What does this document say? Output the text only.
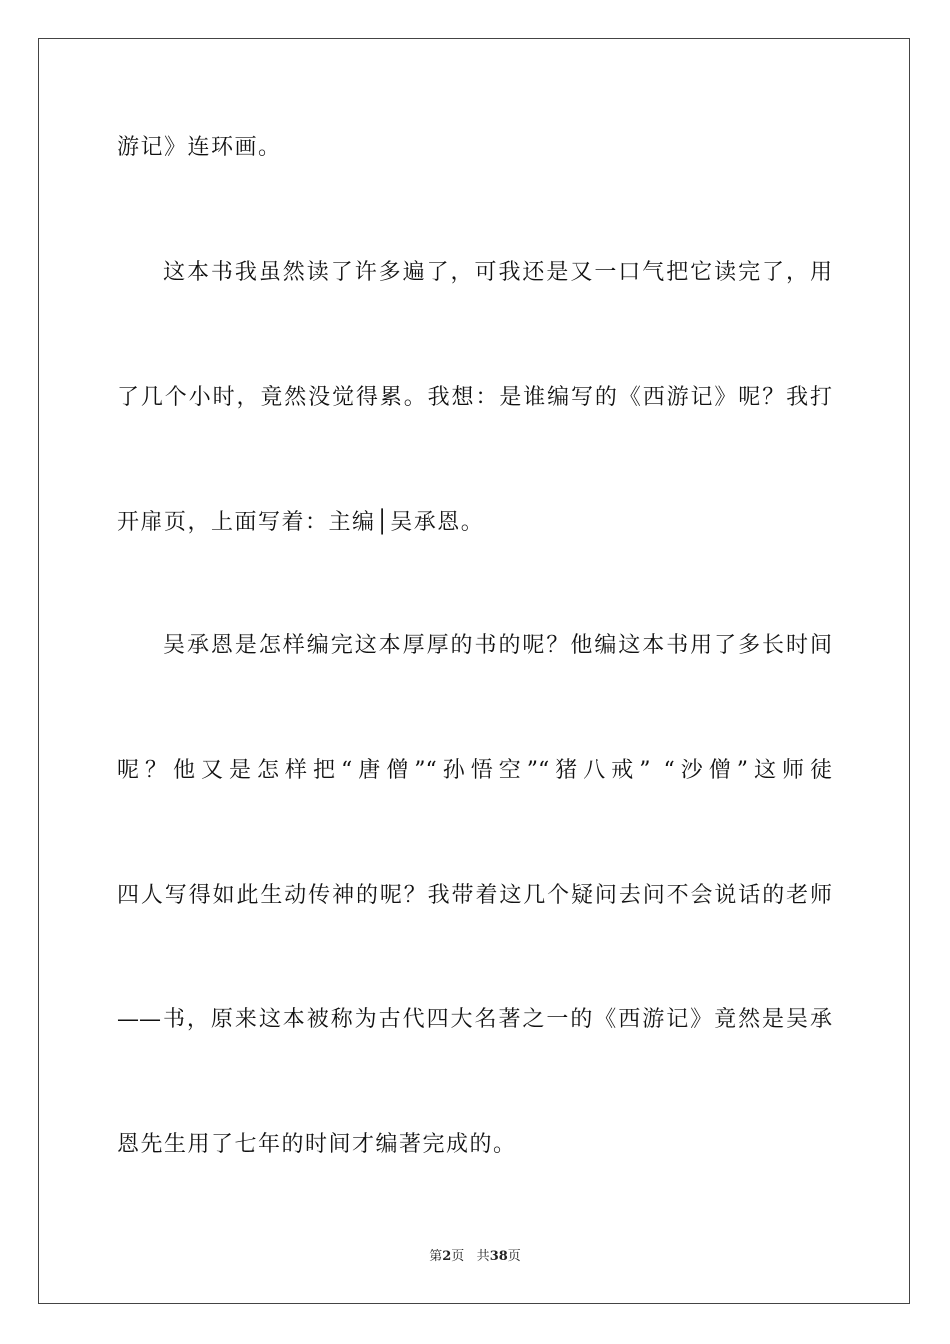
游记》连环画。
这本书我虽然读了许多遍了，可我还是又一口气把它读完了，用
了几个小时，竟然没觉得累。我想：是谁编写的《西游记》呢？我打
开扉页，上面写着：主编│吴承恩。
吴承恩是怎样编完这本厚厚的书的呢？他编这本书用了多长时间
呢？他又是怎样把“唐僧”“孙悟空”“猪八戒” “沙僧”这师徒
四人写得如此生动传神的呢？我带着这几个疑问去问不会说话的老师
——书，原来这本被称为古代四大名著之一的《西游记》竟然是吴承
恩先生用了七年的时间才编著完成的。
第2页 共38页
